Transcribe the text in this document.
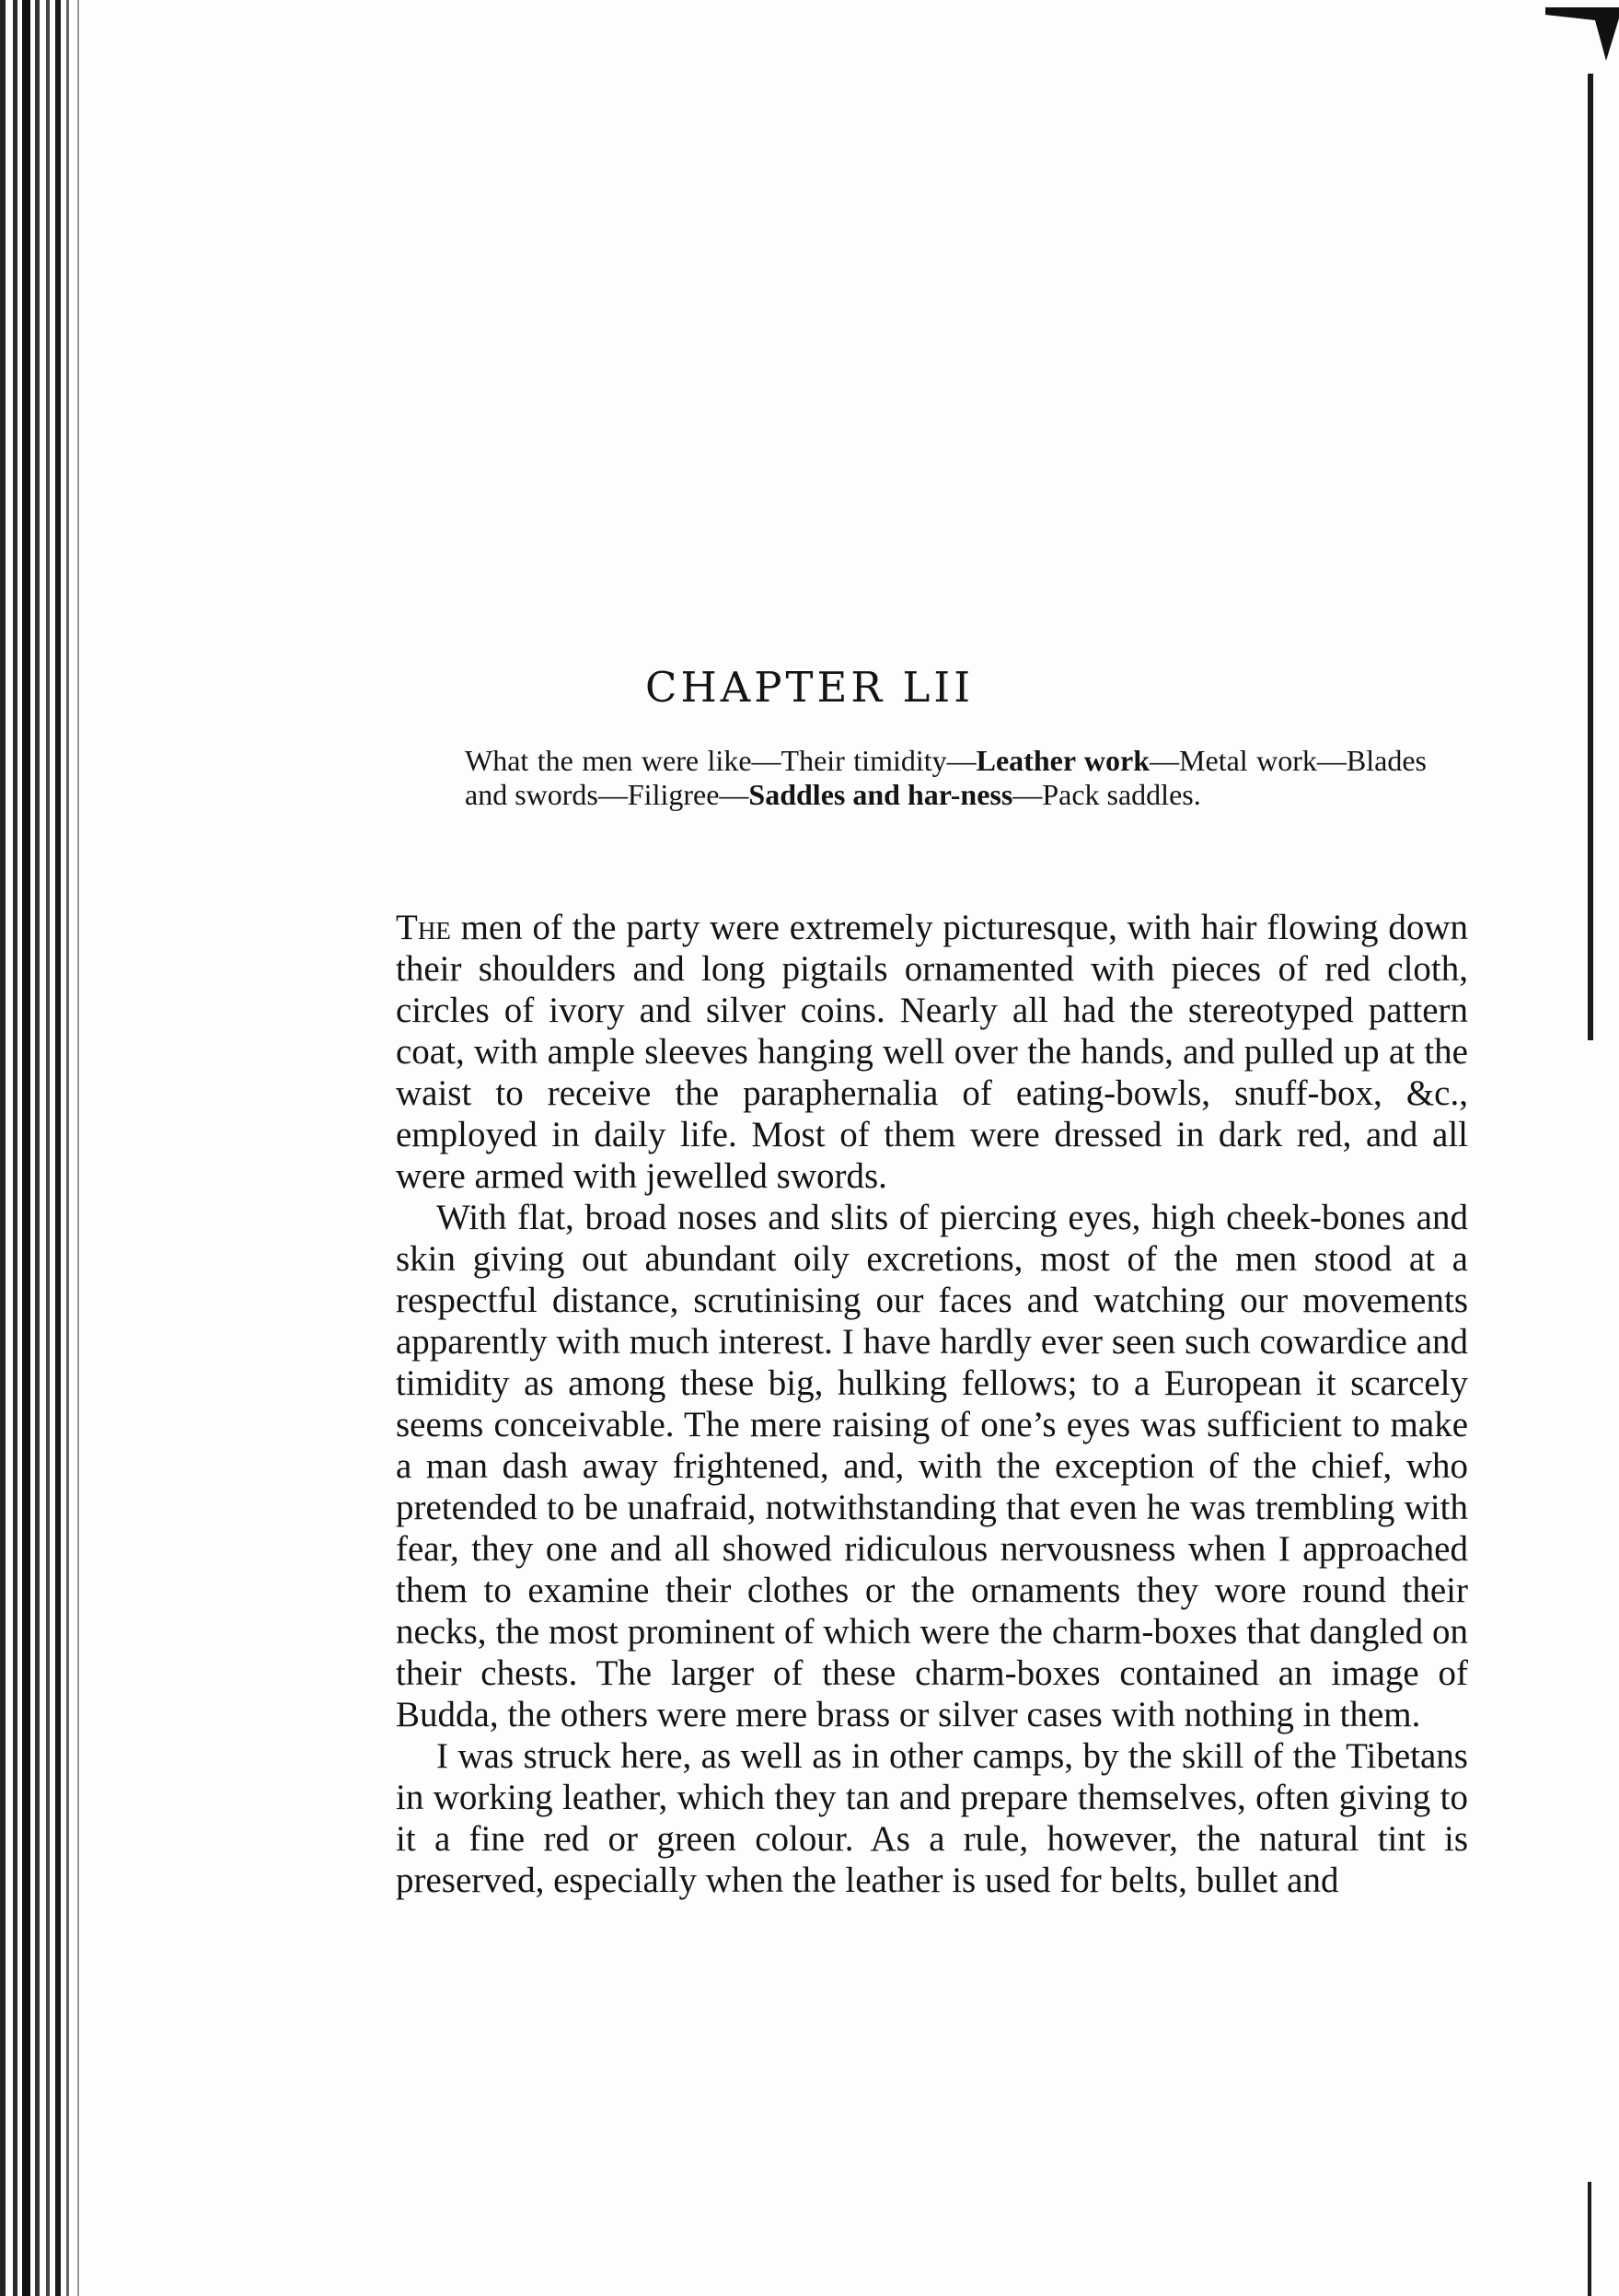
CHAPTER LII
What the men were like—Their timidity—Leather work—Metal work—Blades and swords—Filigree—Saddles and har-ness—Pack saddles.

The men of the party were extremely picturesque, with hair flowing down their shoulders and long pigtails ornamented with pieces of red cloth, circles of ivory and silver coins. Nearly all had the stereotyped pattern coat, with ample sleeves hanging well over the hands, and pulled up at the waist to receive the paraphernalia of eating-bowls, snuff-box, &c., employed in daily life. Most of them were dressed in dark red, and all were armed with jewelled swords.

With flat, broad noses and slits of piercing eyes, high cheek-bones and skin giving out abundant oily excretions, most of the men stood at a respectful distance, scrutinising our faces and watching our movements apparently with much interest. I have hardly ever seen such cowardice and timidity as among these big, hulking fellows; to a European it scarcely seems conceivable. The mere raising of one’s eyes was sufficient to make a man dash away frightened, and, with the exception of the chief, who pretended to be unafraid, notwithstanding that even he was trembling with fear, they one and all showed ridiculous nervousness when I approached them to examine their clothes or the ornaments they wore round their necks, the most prominent of which were the charm-boxes that dangled on their chests. The larger of these charm-boxes contained an image of Budda, the others were mere brass or silver cases with nothing in them.

I was struck here, as well as in other camps, by the skill of the Tibetans in working leather, which they tan and prepare themselves, often giving to it a fine red or green colour. As a rule, however, the natural tint is preserved, especially when the leather is used for belts, bullet and
